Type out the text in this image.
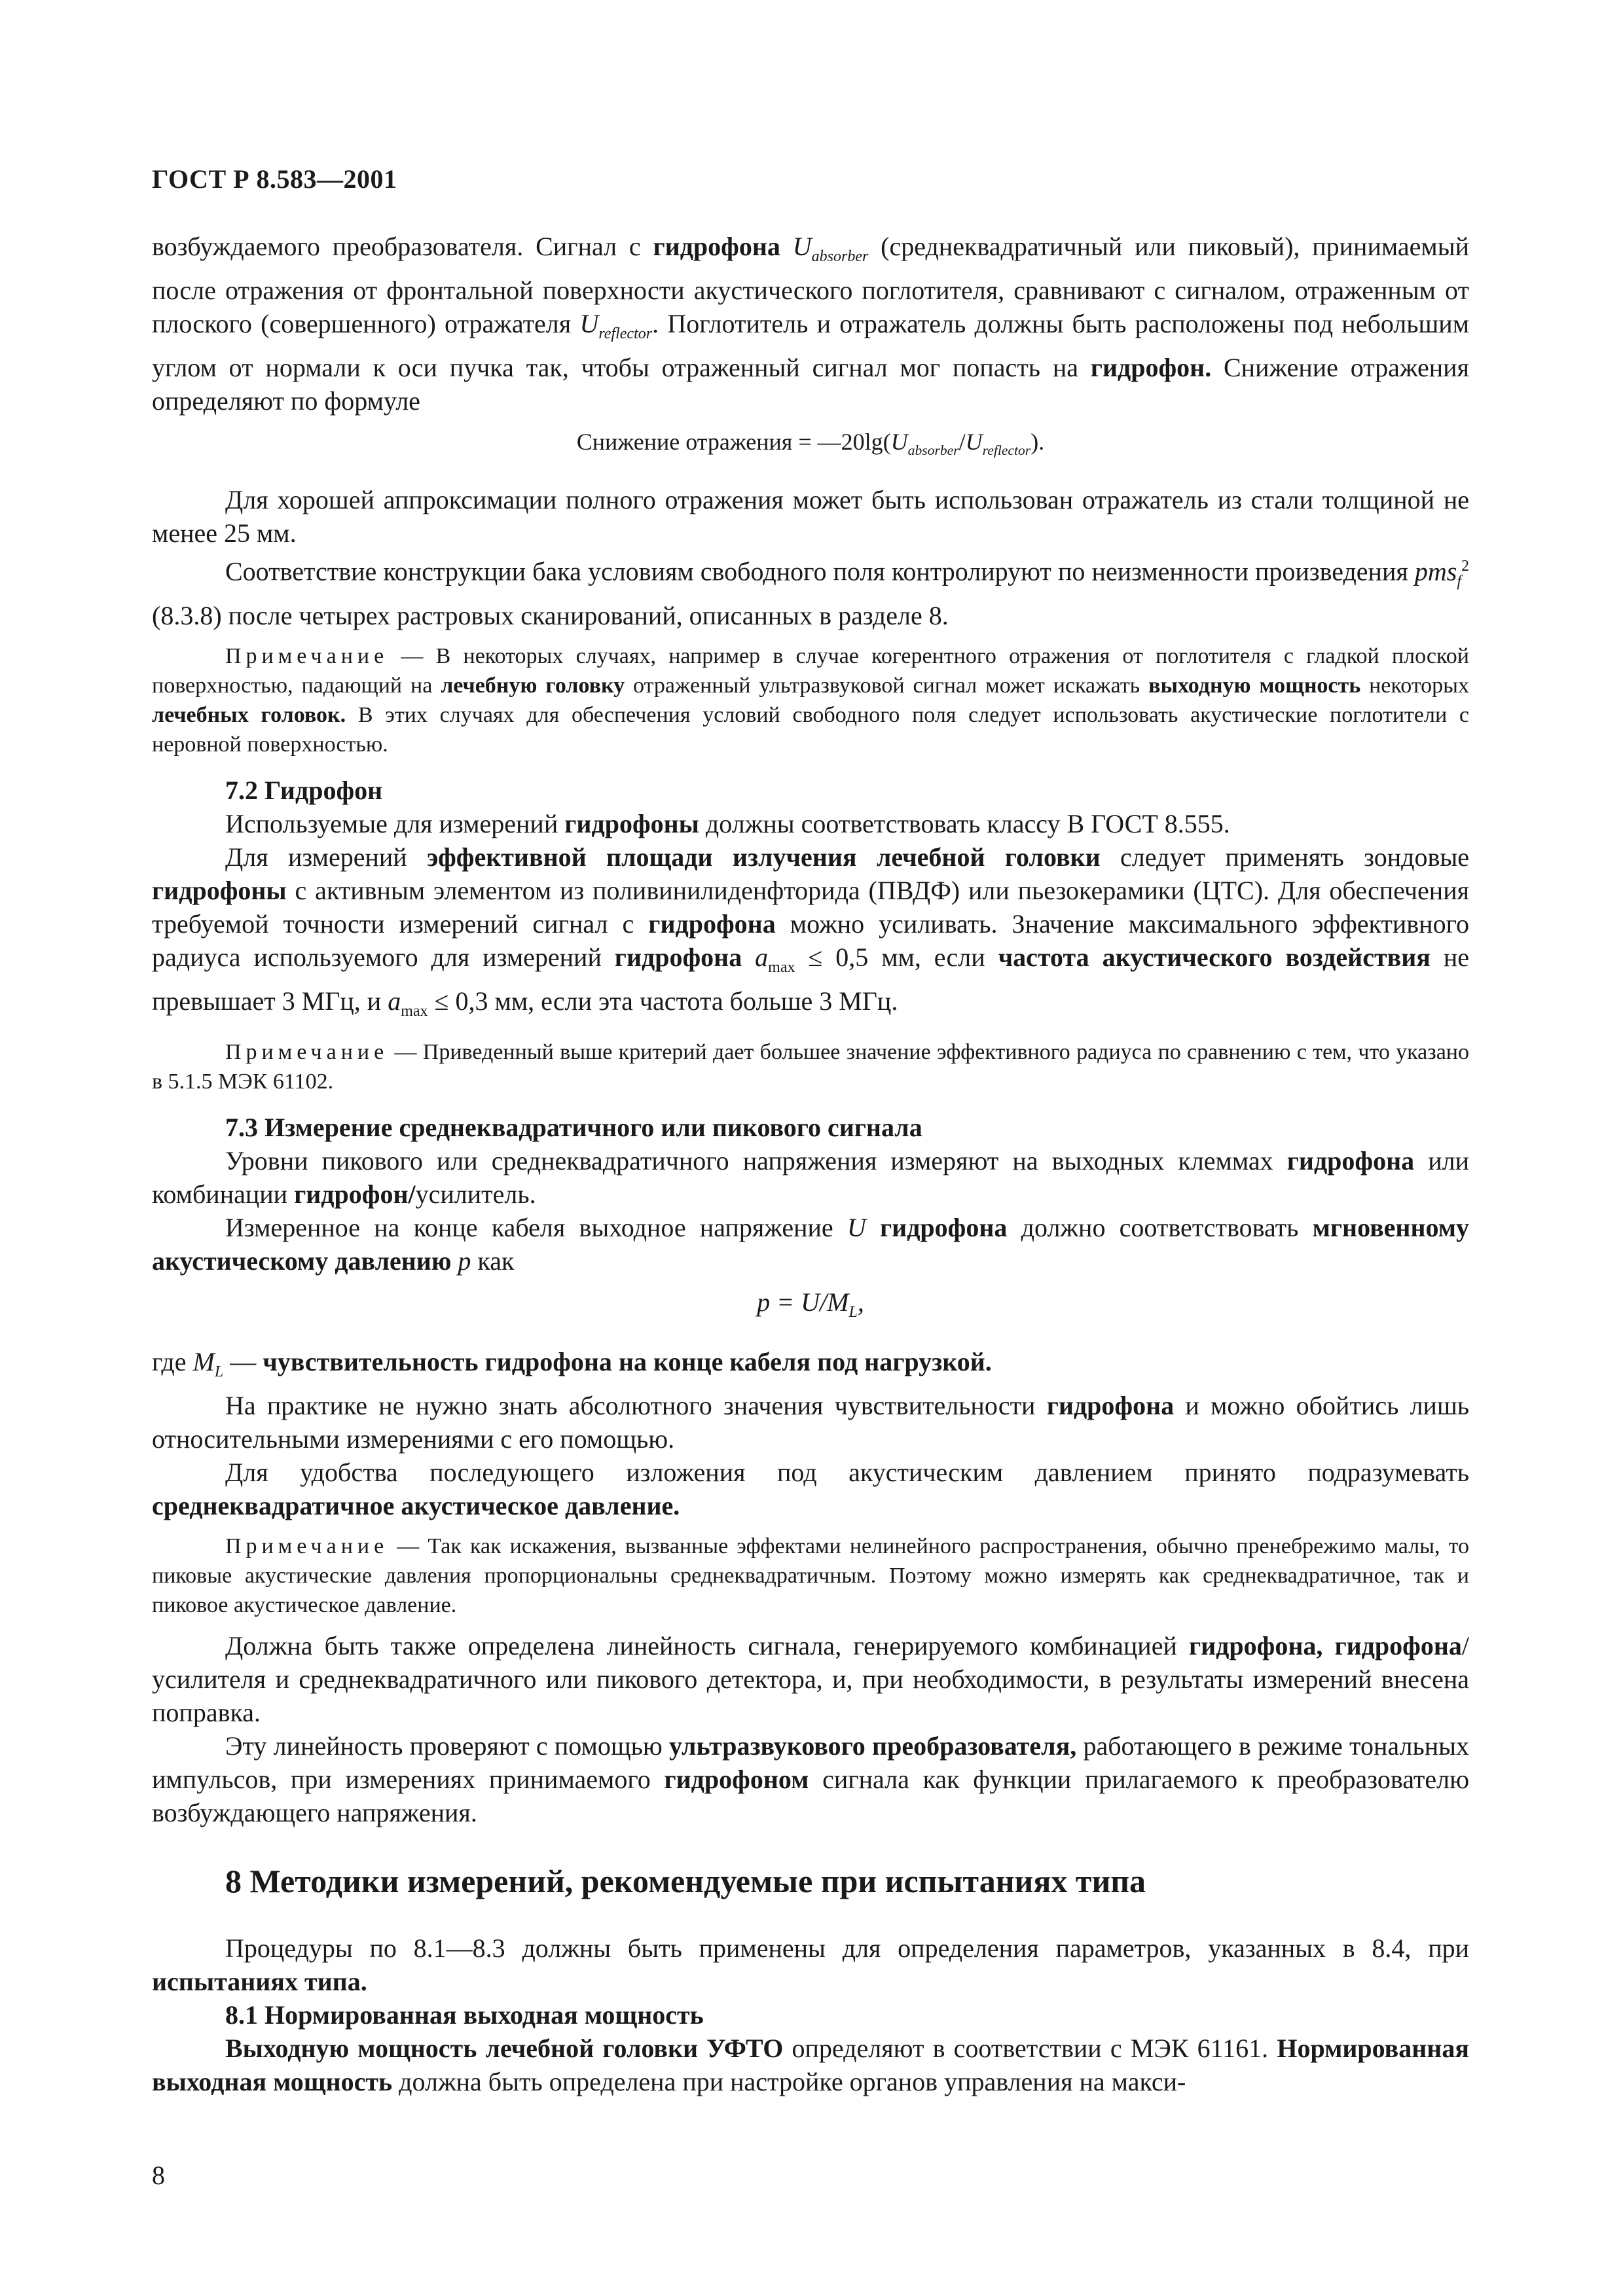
ГОСТ Р 8.583—2001

возбуждаемого преобразователя. Сигнал с гидрофона $U_{absorber}$ (среднеквадратичный или пиковый), принимаемый после отражения от фронтальной поверхности акустического поглотителя, сравнивают с сигналом, отраженным от плоского (совершенного) отражателя $U_{reflector}$. Поглотитель и отражатель должны быть расположены под небольшим углом от нормали к оси пучка так, чтобы отраженный сигнал мог попасть на гидрофон. Снижение отражения определяют по формуле

Снижение отражения = $—20\lg(U_{absorber}/U_{reflector})$.

Для хорошей аппроксимации полного отражения может быть использован отражатель из стали толщиной не менее 25 мм.

Соответствие конструкции бака условиям свободного поля контролируют по неизменности произведения pms$_f^2$ (8.3.8) после четырех растровых сканирований, описанных в разделе 8.

Примечание — В некоторых случаях, например в случае когерентного отражения от поглотителя с гладкой плоской поверхностью, падающий на лечебную головку отраженный ультразвуковой сигнал может искажать выходную мощность некоторых лечебных головок. В этих случаях для обеспечения условий свободного поля следует использовать акустические поглотители с неровной поверхностью.

7.2 Гидрофон

Используемые для измерений гидрофоны должны соответствовать классу В ГОСТ 8.555.

Для измерений эффективной площади излучения лечебной головки следует применять зондовые гидрофоны с активным элементом из поливинилиденфторида (ПВДФ) или пьезокерамики (ЦТС). Для обеспечения требуемой точности измерений сигнал с гидрофона можно усиливать. Значение максимального эффективного радиуса используемого для измерений гидрофона $a_{max} \le 0,5$ мм, если частота акустического воздействия не превышает 3 МГц, и $a_{max} \le 0,3$ мм, если эта частота больше 3 МГц.

Примечание — Приведенный выше критерий дает большее значение эффективного радиуса по сравнению с тем, что указано в 5.1.5 МЭК 61102.

7.3 Измерение среднеквадратичного или пикового сигнала

Уровни пикового или среднеквадратичного напряжения измеряют на выходных клеммах гидрофона или комбинации гидрофон/усилитель.

Измеренное на конце кабеля выходное напряжение U гидрофона должно соответствовать мгновенному акустическому давлению p как

$p = U/M_L$,

где $M_L$ — чувствительность гидрофона на конце кабеля под нагрузкой.

На практике не нужно знать абсолютного значения чувствительности гидрофона и можно обойтись лишь относительными измерениями с его помощью.

Для удобства последующего изложения под акустическим давлением принято подразумевать среднеквадратичное акустическое давление.

Примечание — Так как искажения, вызванные эффектами нелинейного распространения, обычно пренебрежимо малы, то пиковые акустические давления пропорциональны среднеквадратичным. Поэтому можно измерять как среднеквадратичное, так и пиковое акустическое давление.

Должна быть также определена линейность сигнала, генерируемого комбинацией гидрофона, гидрофона/усилителя и среднеквадратичного или пикового детектора, и, при необходимости, в результаты измерений внесена поправка.

Эту линейность проверяют с помощью ультразвукового преобразователя, работающего в режиме тональных импульсов, при измерениях принимаемого гидрофоном сигнала как функции прилагаемого к преобразователю возбуждающего напряжения.

8 Методики измерений, рекомендуемые при испытаниях типа

Процедуры по 8.1—8.3 должны быть применены для определения параметров, указанных в 8.4, при испытаниях типа.

8.1 Нормированная выходная мощность

Выходную мощность лечебной головки УФТО определяют в соответствии с МЭК 61161. Нормированная выходная мощность должна быть определена при настройке органов управления на макси-

8
